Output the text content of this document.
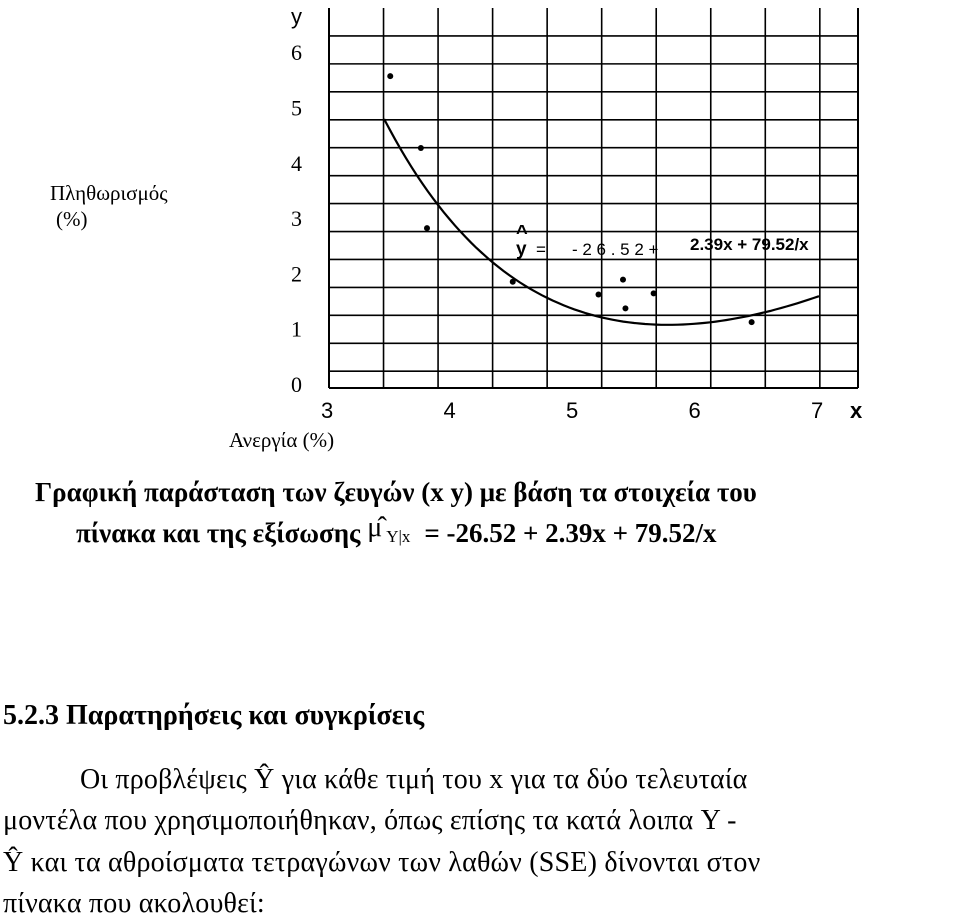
0
1
2
3
4
5
6
3	4	5	6	7
y
x
^
y = - 2 6 . 5 2 + 2.39x + 79.52/x
Πληθωρισμός
(%)
Ανεργία (%)
Γραφική παράσταση των ζευγών (x y) με βάση τα στοιχεία του
πίνακα και της εξίσωσης μ̂ Y|x = -26.52 + 2.39x + 79.52/x
5.2.3 Παρατηρήσεις και συγκρίσεις
Οι προβλέψεις Ŷ για κάθε τιμή του x για τα δύο τελευταία
μοντέλα που χρησιμοποιήθηκαν, όπως επίσης τα κατά λοιπα Y -
Ŷ και τα αθροίσματα τετραγώνων των λαθών (SSE) δίνονται στον
πίνακα που ακολουθεί:
